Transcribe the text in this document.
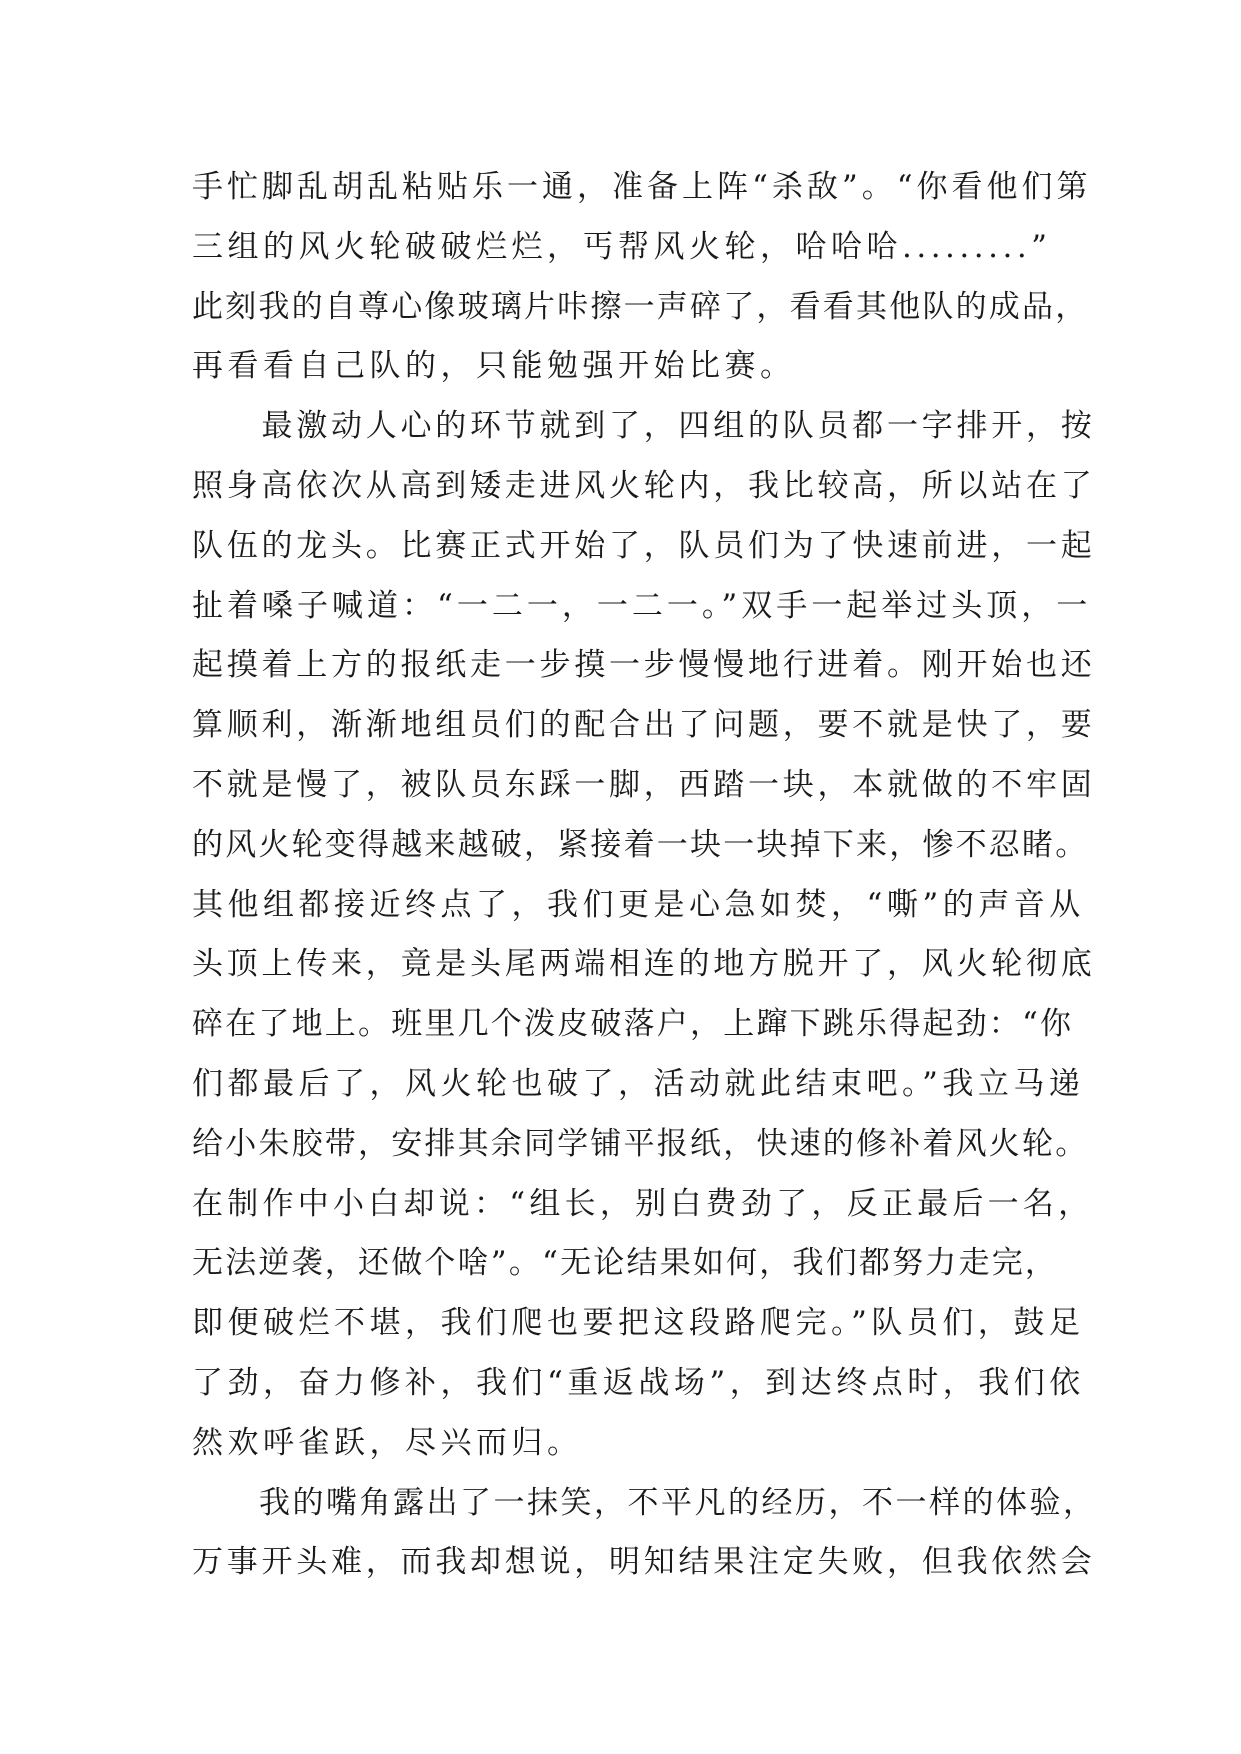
手忙脚乱胡乱粘贴乐一通，准备上阵“杀敌”。“你看他们第
三组的风火轮破破烂烂，丐帮风火轮，哈哈哈.........”
此刻我的自尊心像玻璃片咔擦一声碎了，看看其他队的成品，
再看看自己队的，只能勉强开始比赛。
　　最激动人心的环节就到了，四组的队员都一字排开，按
照身高依次从高到矮走进风火轮内，我比较高，所以站在了
队伍的龙头。比赛正式开始了，队员们为了快速前进，一起
扯着嗓子喊道：“一二一，一二一。”双手一起举过头顶，一
起摸着上方的报纸走一步摸一步慢慢地行进着。刚开始也还
算顺利，渐渐地组员们的配合出了问题，要不就是快了，要
不就是慢了，被队员东踩一脚，西踏一块，本就做的不牢固
的风火轮变得越来越破，紧接着一块一块掉下来，惨不忍睹。
其他组都接近终点了，我们更是心急如焚，“嘶”的声音从
头顶上传来，竟是头尾两端相连的地方脱开了，风火轮彻底
碎在了地上。班里几个泼皮破落户，上蹿下跳乐得起劲：“你
们都最后了，风火轮也破了，活动就此结束吧。”我立马递
给小朱胶带，安排其余同学铺平报纸，快速的修补着风火轮。
在制作中小白却说：“组长，别白费劲了，反正最后一名，
无法逆袭，还做个啥”。“无论结果如何，我们都努力走完，
即便破烂不堪，我们爬也要把这段路爬完。”队员们，鼓足
了劲，奋力修补，我们“重返战场”，到达终点时，我们依
然欢呼雀跃，尽兴而归。
　　我的嘴角露出了一抹笑，不平凡的经历，不一样的体验，
万事开头难，而我却想说，明知结果注定失败，但我依然会
